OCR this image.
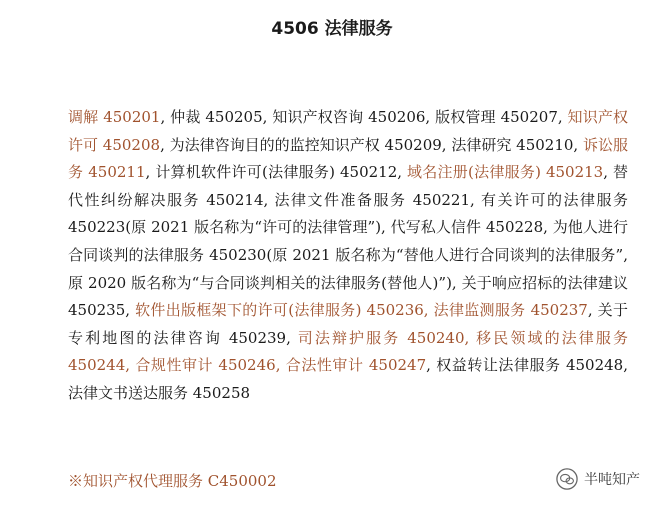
4506 法律服务
调解 450201, 仲裁 450205, 知识产权咨询 450206, 版权管理 450207, 知识产权许可 450208, 为法律咨询目的的监控知识产权 450209, 法律研究 450210, 诉讼服务 450211, 计算机软件许可(法律服务) 450212, 域名注册(法律服务) 450213, 替代性纠纷解决服务 450214, 法律文件准备服务 450221, 有关许可的法律服务 450223(原 2021 版名称为“许可的法律管理”), 代写私人信件 450228, 为他人进行合同谈判的法律服务 450230(原 2021 版名称为“替他人进行合同谈判的法律服务”, 原 2020 版名称为“与合同谈判相关的法律服务(替他人)”), 关于响应招标的法律建议 450235, 软件出版框架下的许可(法律服务) 450236, 法律监测服务 450237, 关于专利地图的法律咨询 450239, 司法辩护服务 450240, 移民领域的法律服务 450244, 合规性审计 450246, 合法性审计 450247, 权益转让法律服务 450248, 法律文书送达服务 450258
※知识产权代理服务 C450002	半吨知产
